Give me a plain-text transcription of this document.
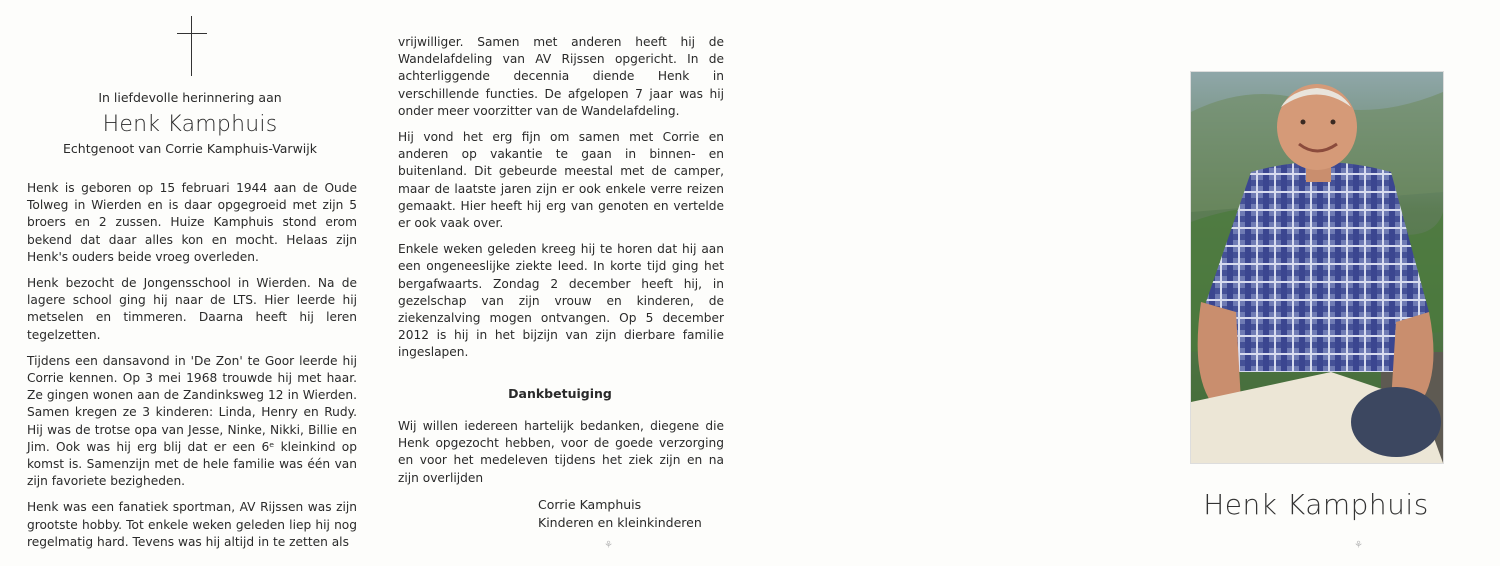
In liefdevolle herinnering aan
Henk Kamphuis
Echtgenoot van Corrie Kamphuis-Varwijk

Henk is geboren op 15 februari 1944 aan de Oude Tolweg in Wierden en is daar opgegroeid met zijn 5 broers en 2 zussen. Huize Kamphuis stond erom bekend dat daar alles kon en mocht. Helaas zijn Henk's ouders beide vroeg overleden.

Henk bezocht de Jongensschool in Wierden. Na de lagere school ging hij naar de LTS. Hier leerde hij metselen en timmeren. Daarna heeft hij leren tegelzetten.

Tijdens een dansavond in 'De Zon' te Goor leerde hij Corrie kennen. Op 3 mei 1968 trouwde hij met haar. Ze gingen wonen aan de Zandinksweg 12 in Wierden. Samen kregen ze 3 kinderen: Linda, Henry en Rudy. Hij was de trotse opa van Jesse, Ninke, Nikki, Billie en Jim. Ook was hij erg blij dat er een 6ᵉ kleinkind op komst is. Samenzijn met de hele familie was één van zijn favoriete bezigheden.

Henk was een fanatiek sportman, AV Rijssen was zijn grootste hobby. Tot enkele weken geleden liep hij nog regelmatig hard. Tevens was hij altijd in te zetten als

vrijwilliger. Samen met anderen heeft hij de Wandelafdeling van AV Rijssen opgericht. In de achterliggende decennia diende Henk in verschillende functies. De afgelopen 7 jaar was hij onder meer voorzitter van de Wandelafdeling.

Hij vond het erg fijn om samen met Corrie en anderen op vakantie te gaan in binnen- en buitenland. Dit gebeurde meestal met de camper, maar de laatste jaren zijn er ook enkele verre reizen gemaakt. Hier heeft hij erg van genoten en vertelde er ook vaak over.

Enkele weken geleden kreeg hij te horen dat hij aan een ongeneeslijke ziekte leed. In korte tijd ging het bergafwaarts. Zondag 2 december heeft hij, in gezelschap van zijn vrouw en kinderen, de ziekenzalving mogen ontvangen. Op 5 december 2012 is hij in het bijzijn van zijn dierbare familie ingeslapen.

Dankbetuiging

Wij willen iedereen hartelijk bedanken, diegene die Henk opgezocht hebben, voor de goede verzorging en voor het medeleven tijdens het ziek zijn en na zijn overlijden

Corrie Kamphuis
Kinderen en kleinkinderen
⚘
Henk Kamphuis
⚘
